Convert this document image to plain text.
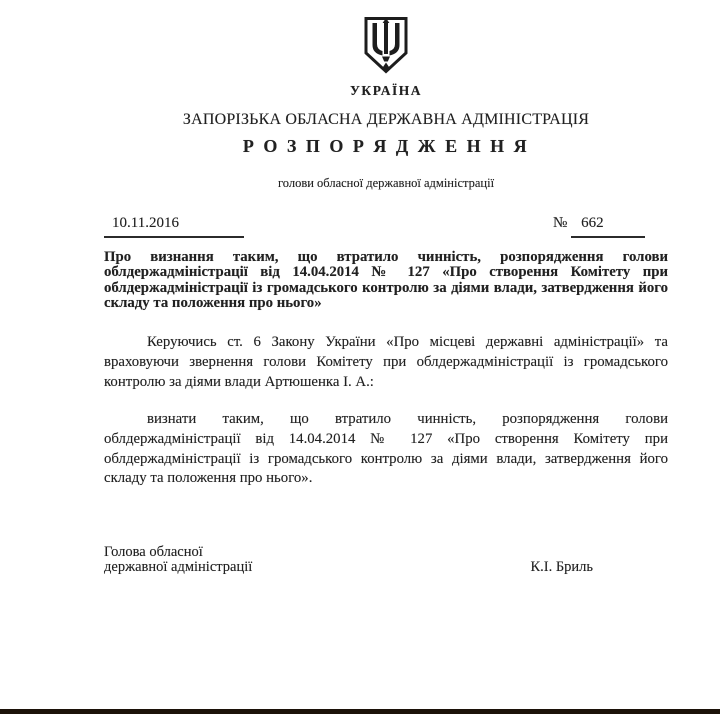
УКРАЇНА
ЗАПОРІЗЬКА ОБЛАСНА ДЕРЖАВНА АДМІНІСТРАЦІЯ
Р О З П О Р Я Д Ж Е Н Н Я
голови обласної державної адміністрації
10.11.2016	№ 662
Про визнання таким, що втратило чинність, розпорядження голови облдержадміністрації від 14.04.2014 № 127 «Про створення Комітету при облдержадміністрації із громадського контролю за діями влади, затвердження його складу та положення про нього»
Керуючись ст. 6 Закону України «Про місцеві державні адміністрації» та враховуючи звернення голови Комітету при облдержадміністрації із громадського контролю за діями влади Артюшенка І. А.:
визнати таким, що втратило чинність, розпорядження голови облдержадміністрації від 14.04.2014 № 127 «Про створення Комітету при облдержадміністрації із громадського контролю за діями влади, затвердження його складу та положення про нього».
Голова обласної
державної адміністрації	К.І. Бриль
